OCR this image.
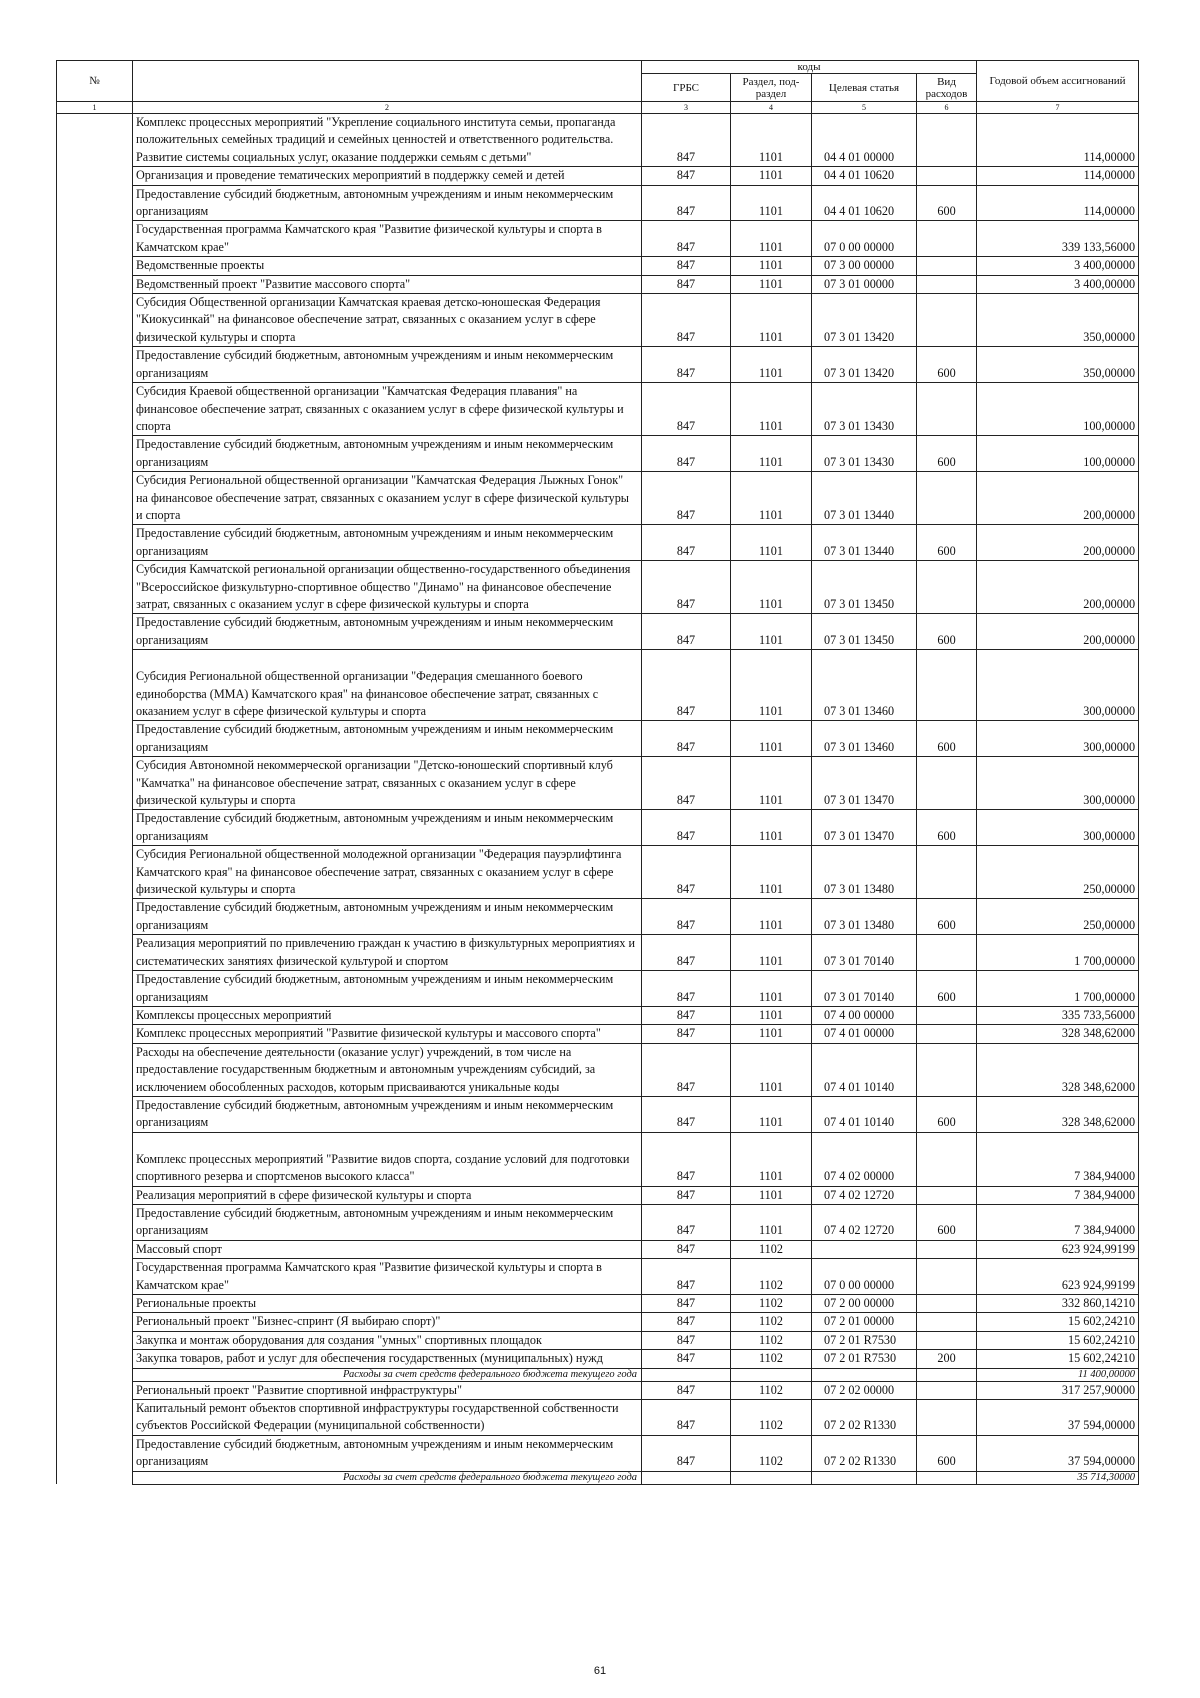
№		коды				Годовой объем ассигнований
		ГРБС	Раздел, под-раздел	Целевая статья	Вид расходов	
1	2	3	4	5	6	7
	Комплекс процессных мероприятий "Укрепление социального института семьи, пропаганда положительных семейных традиций и семейных ценностей и ответственного родительства. Развитие системы социальных услуг, оказание поддержки семьям с детьми"	847	1101	04 4 01 00000		114,00000
	Организация и проведение тематических мероприятий в поддержку семей и детей	847	1101	04 4 01 10620		114,00000
	Предоставление субсидий бюджетным, автономным учреждениям и иным некоммерческим организациям	847	1101	04 4 01 10620	600	114,00000
	Государственная программа Камчатского края "Развитие физической культуры и спорта в Камчатском крае"	847	1101	07 0 00 00000		339 133,56000
	Ведомственные проекты	847	1101	07 3 00 00000		3 400,00000
	Ведомственный проект "Развитие массового спорта"	847	1101	07 3 01 00000		3 400,00000
	Субсидия Общественной организации Камчатская краевая детско-юношеская Федерация "Киокусинкай" на финансовое обеспечение затрат, связанных с оказанием услуг в сфере физической культуры и спорта	847	1101	07 3 01 13420		350,00000
	Предоставление субсидий бюджетным, автономным учреждениям и иным некоммерческим организациям	847	1101	07 3 01 13420	600	350,00000
	Субсидия Краевой общественной организации "Камчатская Федерация плавания" на финансовое обеспечение затрат, связанных с оказанием услуг в сфере физической культуры и спорта	847	1101	07 3 01 13430		100,00000
	Предоставление субсидий бюджетным, автономным учреждениям и иным некоммерческим организациям	847	1101	07 3 01 13430	600	100,00000
	Субсидия Региональной общественной организации "Камчатская Федерация Лыжных Гонок" на финансовое обеспечение затрат, связанных с оказанием услуг в сфере физической культуры и спорта	847	1101	07 3 01 13440		200,00000
	Предоставление субсидий бюджетным, автономным учреждениям и иным некоммерческим организациям	847	1101	07 3 01 13440	600	200,00000
	Субсидия Камчатской региональной организации общественно-государственного объединения "Всероссийское физкультурно-спортивное общество "Динамо" на финансовое обеспечение затрат, связанных с оказанием услуг в сфере физической культуры и спорта	847	1101	07 3 01 13450		200,00000
	Предоставление субсидий бюджетным, автономным учреждениям и иным некоммерческим организациям	847	1101	07 3 01 13450	600	200,00000
	Субсидия Региональной общественной организации "Федерация смешанного боевого единоборства (ММА) Камчатского края" на финансовое обеспечение затрат, связанных с оказанием услуг в сфере физической культуры и спорта	847	1101	07 3 01 13460		300,00000
	Предоставление субсидий бюджетным, автономным учреждениям и иным некоммерческим организациям	847	1101	07 3 01 13460	600	300,00000
	Субсидия Автономной некоммерческой организации "Детско-юношеский спортивный клуб "Камчатка" на финансовое обеспечение затрат, связанных с оказанием услуг в сфере физической культуры и спорта	847	1101	07 3 01 13470		300,00000
	Предоставление субсидий бюджетным, автономным учреждениям и иным некоммерческим организациям	847	1101	07 3 01 13470	600	300,00000
	Субсидия Региональной общественной молодежной организации "Федерация пауэрлифтинга Камчатского края" на финансовое обеспечение затрат, связанных с оказанием услуг в сфере физической культуры и спорта	847	1101	07 3 01 13480		250,00000
	Предоставление субсидий бюджетным, автономным учреждениям и иным некоммерческим организациям	847	1101	07 3 01 13480	600	250,00000
	Реализация мероприятий по привлечению граждан к участию в физкультурных мероприятиях и систематических занятиях физической культурой и спортом	847	1101	07 3 01 70140		1 700,00000
	Предоставление субсидий бюджетным, автономным учреждениям и иным некоммерческим организациям	847	1101	07 3 01 70140	600	1 700,00000
	Комплексы процессных мероприятий	847	1101	07 4 00 00000		335 733,56000
	Комплекс процессных мероприятий "Развитие физической культуры и массового спорта"	847	1101	07 4 01 00000		328 348,62000
	Расходы на обеспечение деятельности (оказание услуг) учреждений, в том числе на предоставление государственным бюджетным и автономным учреждениям субсидий, за исключением обособленных расходов, которым присваиваются уникальные коды	847	1101	07 4 01 10140		328 348,62000
	Предоставление субсидий бюджетным, автономным учреждениям и иным некоммерческим организациям	847	1101	07 4 01 10140	600	328 348,62000
	Комплекс процессных мероприятий "Развитие видов спорта, создание условий для подготовки спортивного резерва и спортсменов высокого класса"	847	1101	07 4 02 00000		7 384,94000
	Реализация мероприятий в сфере физической культуры и спорта	847	1101	07 4 02 12720		7 384,94000
	Предоставление субсидий бюджетным, автономным учреждениям и иным некоммерческим организациям	847	1101	07 4 02 12720	600	7 384,94000
	Массовый спорт	847	1102			623 924,99199
	Государственная программа Камчатского края "Развитие физической культуры и спорта в Камчатском крае"	847	1102	07 0 00 00000		623 924,99199
	Региональные проекты	847	1102	07 2 00 00000		332 860,14210
	Региональный проект "Бизнес-спринт (Я выбираю спорт)"	847	1102	07 2 01 00000		15 602,24210
	Закупка и монтаж оборудования для создания "умных" спортивных площадок	847	1102	07 2 01 R7530		15 602,24210
	Закупка товаров, работ и услуг для обеспечения государственных (муниципальных) нужд	847	1102	07 2 01 R7530	200	15 602,24210
	Расходы за счет средств федерального бюджета текущего года					11 400,00000
	Региональный проект "Развитие спортивной инфраструктуры"	847	1102	07 2 02 00000		317 257,90000
	Капитальный ремонт объектов спортивной инфраструктуры государственной собственности субъектов Российской Федерации (муниципальной собственности)	847	1102	07 2 02 R1330		37 594,00000
	Предоставление субсидий бюджетным, автономным учреждениям и иным некоммерческим организациям	847	1102	07 2 02 R1330	600	37 594,00000
	Расходы за счет средств федерального бюджета текущего года					35 714,30000
61
